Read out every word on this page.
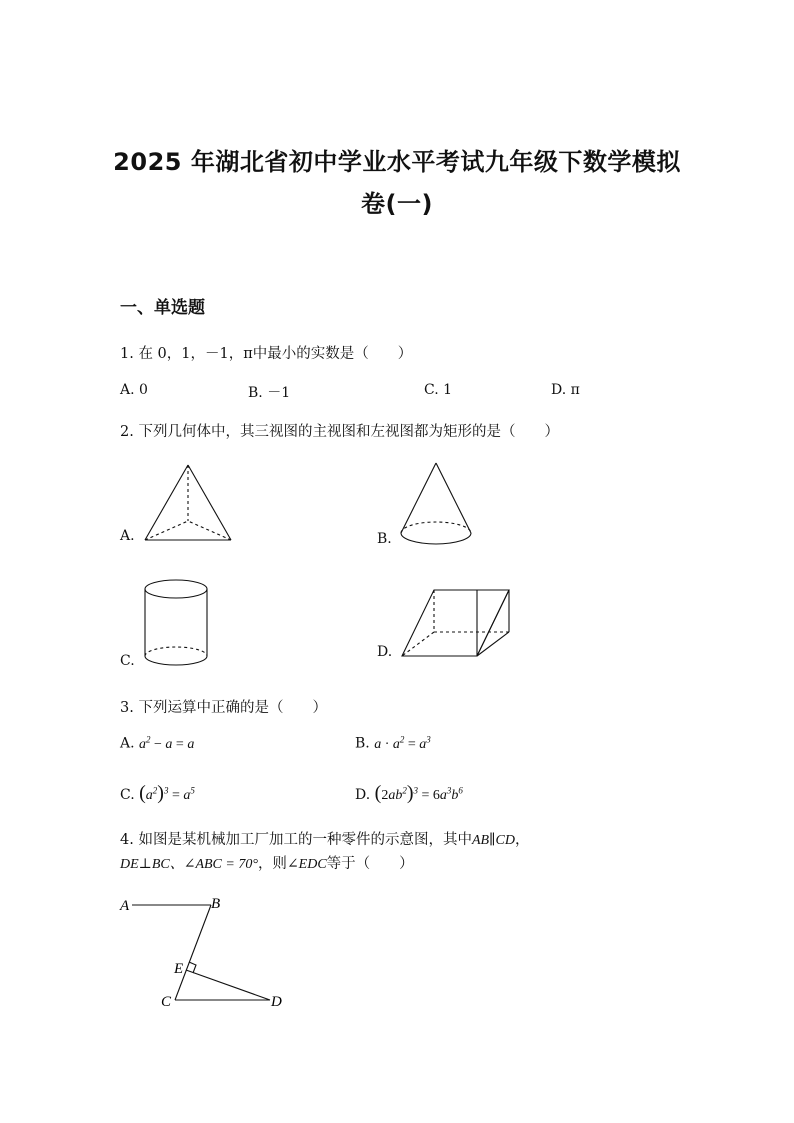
2025 年湖北省初中学业水平考试九年级下数学模拟
卷(一)
一、单选题
1. 在 0，1，－1，π中最小的实数是（　　）
A. 0	B. －1	C. 1	D. π
2. 下列几何体中，其三视图的主视图和左视图都为矩形的是（　　）
A.	B.
C.
D.
3. 下列运算中正确的是（　　）
A. $a^2 - a = a$	B. $a \cdot a^2 = a^3$
C. $(a^2)^3 = a^5$	D. $(2ab^2)^3 = 6a^3b^6$
4. 如图是某机械加工厂加工的一种零件的示意图，其中AB∥CD，
DE⊥BC、∠ABC = 70°，则∠EDC等于（　　）
A	B
E
C	D
